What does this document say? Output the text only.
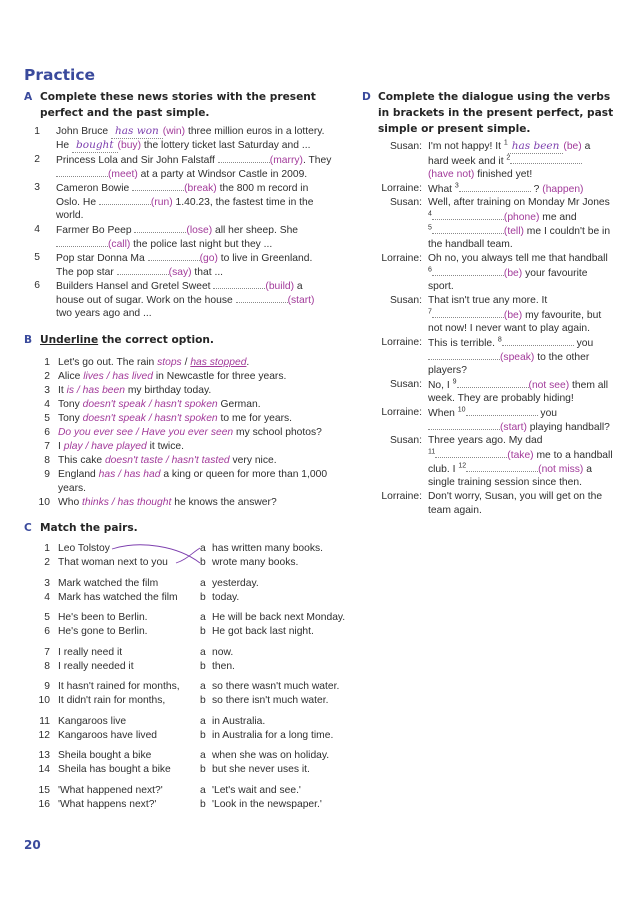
Practice
A Complete these news stories with the present perfect and the past simple.
1 John Bruce has won (win) three million euros in a lottery.
He bought (buy) the lottery ticket last Saturday and ...
2 Princess Lola and Sir John Falstaff	(marry). They
(meet) at a party at Windsor Castle in 2009.
3 Cameron Bowie	(break) the 800 m record in
Oslo. He	(run) 1.40.23, the fastest time in the
world.
4 Farmer Bo Peep	(lose) all her sheep. She
(call) the police last night but they ...
5 Pop star Donna Ma	(go) to live in Greenland.
The pop star	(say) that ...
6 Builders Hansel and Gretel Sweet	(build) a
house out of sugar. Work on the house	(start)
two years ago and ...
B Underline the correct option.
1 Let's go out. The rain stops / has stopped.
2 Alice lives / has lived in Newcastle for three years.
3 It is / has been my birthday today.
4 Tony doesn't speak / hasn't spoken German.
5 Tony doesn't speak / hasn't spoken to me for years.
6 Do you ever see / Have you ever seen my school photos?
7 I play / have played it twice.
8 This cake doesn't taste / hasn't tasted very nice.
9 England has / has had a king or queen for more than 1,000
years.
10 Who thinks / has thought he knows the answer?
C Match the pairs.
1 Leo Tolstoy	a has written many books.
2 That woman next to you	b wrote many books.
3 Mark watched the film	a yesterday.
4 Mark has watched the film b today.
5 He's been to Berlin.	a He will be back next Monday.
6 He's gone to Berlin.	b He got back last night.
7 I really need it	a now.
8 I really needed it	b then.
9 It hasn't rained for months, a so there wasn't much water.
10 It didn't rain for months,	b so there isn't much water.
11 Kangaroos live	a in Australia.
12 Kangaroos have lived	b in Australia for a long time.
13 Sheila bought a bike	a when she was on holiday.
14 Sheila has bought a bike	b but she never uses it.
15 'What happened next?'	a 'Let's wait and see.'
16 'What happens next?'	b 'Look in the newspaper.'
D Complete the dialogue using the verbs in brackets in the present perfect, past simple or present simple.
Susan: I'm not happy! It $^1$ has been (be) a
hard week and it $^2$
(have not) finished yet!
Lorraine: What $^3$	? (happen)
Susan: Well, after training on Monday Mr Jones
$^4$	(phone) me and
$^5$	(tell) me I couldn't be in
the handball team.
Lorraine: Oh no, you always tell me that handball
$^6$	(be) your favourite
sport.
Susan: That isn't true any more. It
$^7$	(be) my favourite, but
not now! I never want to play again.
Lorraine: This is terrible. $^8$	you
(speak) to the other
players?
Susan: No, I $^9$	(not see) them all
week. They are probably hiding!
Lorraine: When $^{10}$	you
(start) playing handball?
Susan: Three years ago. My dad
$^{11}$	(take) me to a handball
club. I $^{12}$	(not miss) a
single training session since then.
Lorraine: Don't worry, Susan, you will get on the
team again.
20
